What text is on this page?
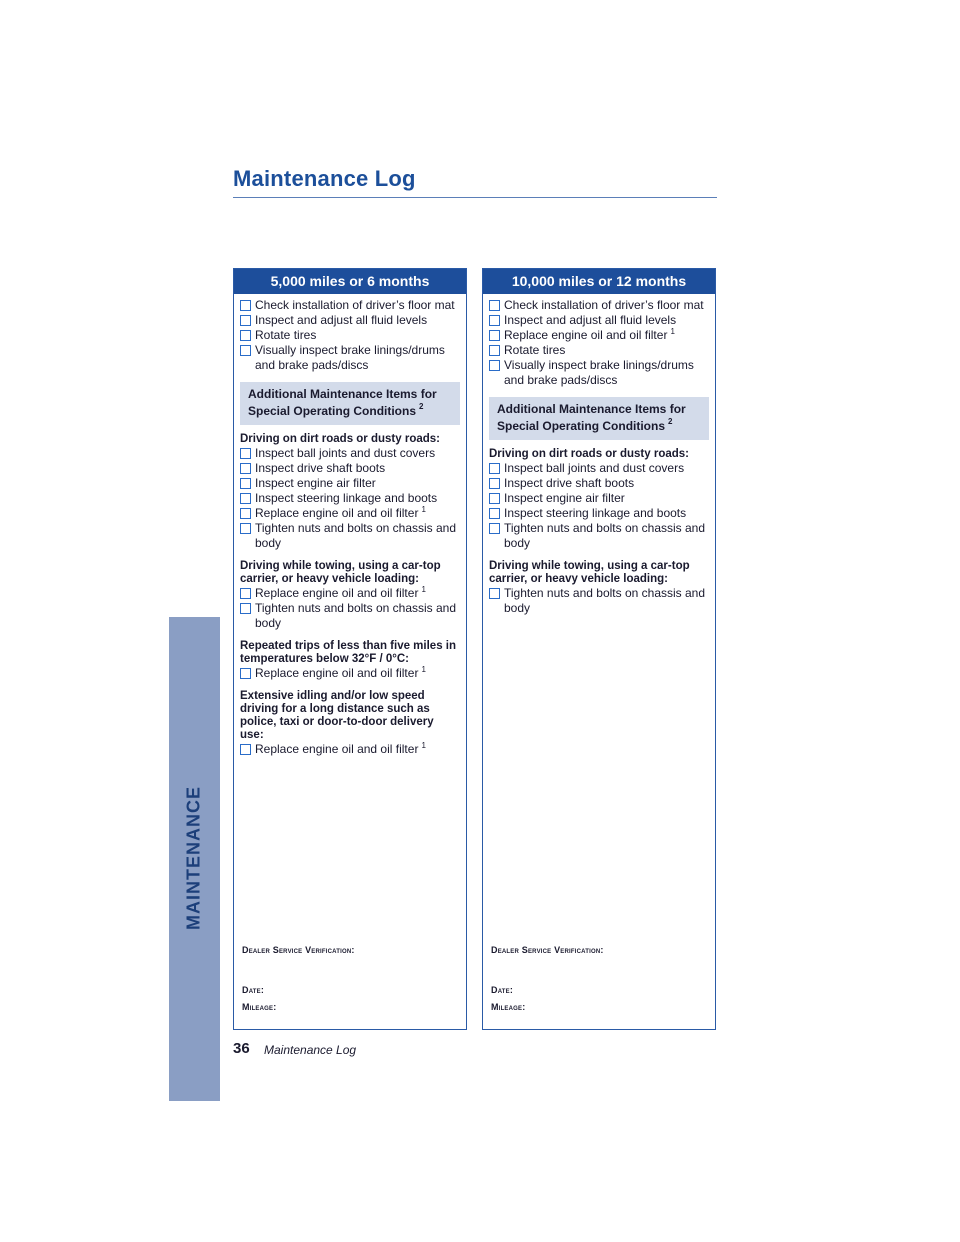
Maintenance Log
MAINTENANCE
5,000 miles or 6 months
Check installation of driver’s floor mat
Inspect and adjust all fluid levels
Rotate tires
Visually inspect brake linings/drums and brake pads/discs
Additional Maintenance Items for Special Operating Conditions $^2$
Driving on dirt roads or dusty roads:
Inspect ball joints and dust covers
Inspect drive shaft boots
Inspect engine air filter
Inspect steering linkage and boots
Replace engine oil and oil filter $^1$
Tighten nuts and bolts on chassis and body
Driving while towing, using a car-top carrier, or heavy vehicle loading:
Replace engine oil and oil filter $^1$
Tighten nuts and bolts on chassis and body
Repeated trips of less than five miles in temperatures below 32°F / 0°C:
Replace engine oil and oil filter $^1$
Extensive idling and/or low speed driving for a long distance such as police, taxi or door-to-door delivery use:
Replace engine oil and oil filter $^1$
Dealer Service Verification:
Date:
Mileage:
10,000 miles or 12 months
Check installation of driver’s floor mat
Inspect and adjust all fluid levels
Replace engine oil and oil filter $^1$
Rotate tires
Visually inspect brake linings/drums and brake pads/discs
Additional Maintenance Items for Special Operating Conditions $^2$
Driving on dirt roads or dusty roads:
Inspect ball joints and dust covers
Inspect drive shaft boots
Inspect engine air filter
Inspect steering linkage and boots
Tighten nuts and bolts on chassis and body
Driving while towing, using a car-top carrier, or heavy vehicle loading:
Tighten nuts and bolts on chassis and body
Dealer Service Verification:
Date:
Mileage:
36 Maintenance Log
